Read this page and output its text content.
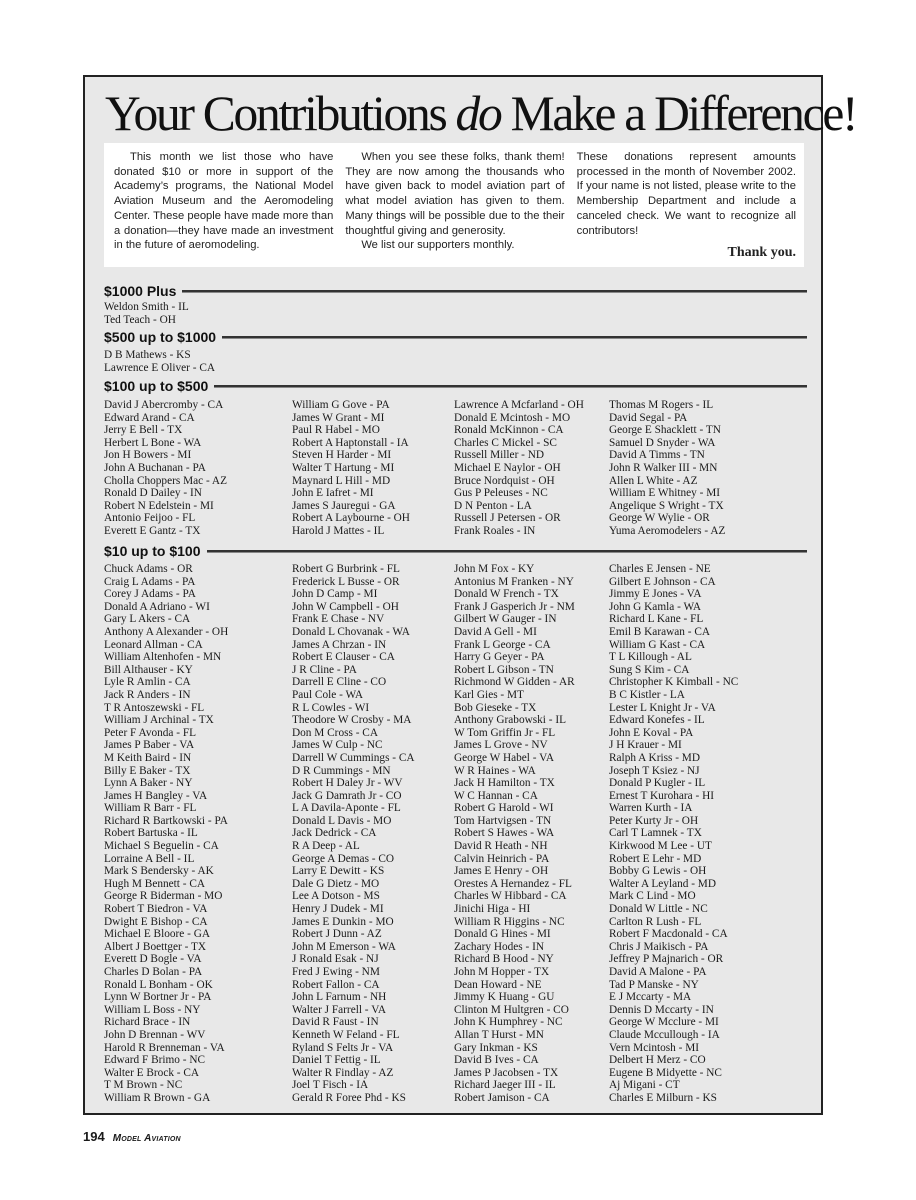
Your Contributions do Make a Difference!

This month we list those who have donated $10 or more in support of the Academy’s programs, the National Model Aviation Museum and the Aeromodeling Center. These people have made more than a donation—they have made an investment in the future of aeromodeling.

When you see these folks, thank them! They are now among the thousands who have given back to model aviation part of what model aviation has given to them. Many things will be possible due to the their thoughtful giving and generosity.

We list our supporters monthly.

These donations represent amounts processed in the month of November 2002. If your name is not listed, please write to the Membership Department and include a canceled check. We want to recognize all contributors!

Thank you.
$1000 Plus
Weldon Smith - IL
Ted Teach - OH
$500 up to $1000
D B Mathews - KS
Lawrence E Oliver - CA
$100 up to $500
David J Abercromby - CA
Edward Arand - CA
Jerry E Bell - TX
Herbert L Bone - WA
Jon H Bowers - MI
John A Buchanan - PA
Cholla Choppers Mac - AZ
Ronald D Dailey - IN
Robert N Edelstein - MI
Antonio Feijoo - FL
Everett E Gantz - TX
William G Gove - PA
James W Grant - MI
Paul R Habel - MO
Robert A Haptonstall - IA
Steven H Harder - MI
Walter T Hartung - MI
Maynard L Hill - MD
John E Iafret - MI
James S Jauregui - GA
Robert A Laybourne - OH
Harold J Mattes - IL
Lawrence A Mcfarland - OH
Donald E Mcintosh - MO
Ronald McKinnon - CA
Charles C Mickel - SC
Russell Miller - ND
Michael E Naylor - OH
Bruce Nordquist - OH
Gus P Peleuses - NC
D N Penton - LA
Russell J Petersen - OR
Frank Roales - IN
Thomas M Rogers - IL
David Segal - PA
George E Shacklett - TN
Samuel D Snyder - WA
David A Timms - TN
John R Walker III - MN
Allen L White - AZ
William E Whitney - MI
Angelique S Wright - TX
George W Wylie - OR
Yuma Aeromodelers - AZ
$10 up to $100
Chuck Adams - OR
Craig L Adams - PA
Corey J Adams - PA
Donald A Adriano - WI
Gary L Akers - CA
Anthony A Alexander - OH
Leonard Allman - CA
William Altenhofen - MN
Bill Althauser - KY
Lyle R Amlin - CA
Jack R Anders - IN
T R Antoszewski - FL
William J Archinal - TX
Peter F Avonda - FL
James P Baber - VA
M Keith Baird - IN
Billy E Baker - TX
Lynn A Baker - NY
James H Bangley - VA
William R Barr - FL
Richard R Bartkowski - PA
Robert Bartuska - IL
Michael S Beguelin - CA
Lorraine A Bell - IL
Mark S Bendersky - AK
Hugh M Bennett - CA
George R Biderman - MO
Robert T Biedron - VA
Dwight E Bishop - CA
Michael E Bloore - GA
Albert J Boettger - TX
Everett D Bogle - VA
Charles D Bolan - PA
Ronald L Bonham - OK
Lynn W Bortner Jr - PA
William L Boss - NY
Richard Brace - IN
John D Brennan - WV
Harold R Brenneman - VA
Edward F Brimo - NC
Walter E Brock - CA
T M Brown - NC
William R Brown - GA
Robert G Burbrink - FL
Frederick L Busse - OR
John D Camp - MI
John W Campbell - OH
Frank E Chase - NV
Donald L Chovanak - WA
James A Chrzan - IN
Robert E Clauser - CA
J R Cline - PA
Darrell E Cline - CO
Paul Cole - WA
R L Cowles - WI
Theodore W Crosby - MA
Don M Cross - CA
James W Culp - NC
Darrell W Cummings - CA
D R Cummings - MN
Robert H Daley Jr - WV
Jack G Damrath Jr - CO
L A Davila-Aponte - FL
Donald L Davis - MO
Jack Dedrick - CA
R A Deep - AL
George A Demas - CO
Larry E Dewitt - KS
Dale G Dietz - MO
Lee A Dotson - MS
Henry J Dudek - MI
James E Dunkin - MO
Robert J Dunn - AZ
John M Emerson - WA
J Ronald Esak - NJ
Fred J Ewing - NM
Robert Fallon - CA
John L Farnum - NH
Walter J Farrell - VA
David R Faust - IN
Kenneth W Feland - FL
Ryland S Felts Jr - VA
Daniel T Fettig - IL
Walter R Findlay - AZ
Joel T Fisch - IA
Gerald R Foree Phd - KS
John M Fox - KY
Antonius M Franken - NY
Donald W French - TX
Frank J Gasperich Jr - NM
Gilbert W Gauger - IN
David A Gell - MI
Frank L George - CA
Harry G Geyer - PA
Robert L Gibson - TN
Richmond W Gidden - AR
Karl Gies - MT
Bob Gieseke - TX
Anthony Grabowski - IL
W Tom Griffin Jr - FL
James L Grove - NV
George W Habel - VA
W R Haines - WA
Jack H Hamilton - TX
W C Hannan - CA
Robert G Harold - WI
Tom Hartvigsen - TN
Robert S Hawes - WA
David R Heath - NH
Calvin Heinrich - PA
James E Henry - OH
Orestes A Hernandez - FL
Charles W Hibbard - CA
Jinichi Higa - HI
William R Higgins - NC
Donald G Hines - MI
Zachary Hodes - IN
Richard B Hood - NY
John M Hopper - TX
Dean Howard - NE
Jimmy K Huang - GU
Clinton M Hultgren - CO
John K Humphrey - NC
Allan T Hurst - MN
Gary Inkman - KS
David B Ives - CA
James P Jacobsen - TX
Richard Jaeger III - IL
Robert Jamison - CA
Charles E Jensen - NE
Gilbert E Johnson - CA
Jimmy E Jones - VA
John G Kamla - WA
Richard L Kane - FL
Emil B Karawan - CA
William G Kast - CA
T L Killough - AL
Sung S Kim - CA
Christopher K Kimball - NC
B C Kistler - LA
Lester L Knight Jr - VA
Edward Konefes - IL
John E Koval - PA
J H Krauer - MI
Ralph A Kriss - MD
Joseph T Ksiez - NJ
Donald P Kugler - IL
Ernest T Kurohara - HI
Warren Kurth - IA
Peter Kurty Jr - OH
Carl T Lamnek - TX
Kirkwood M Lee - UT
Robert E Lehr - MD
Bobby G Lewis - OH
Walter A Leyland - MD
Mark C Lind - MO
Donald W Little - NC
Carlton R Lush - FL
Robert F Macdonald - CA
Chris J Maikisch - PA
Jeffrey P Majnarich - OR
David A Malone - PA
Tad P Manske - NY
E J Mccarty - MA
Dennis D Mccarty - IN
George W Mcclure - MI
Claude Mccullough - IA
Vern Mcintosh - MI
Delbert H Merz - CO
Eugene B Midyette - NC
Aj Migani - CT
Charles E Milburn - KS
194 Model Aviation
